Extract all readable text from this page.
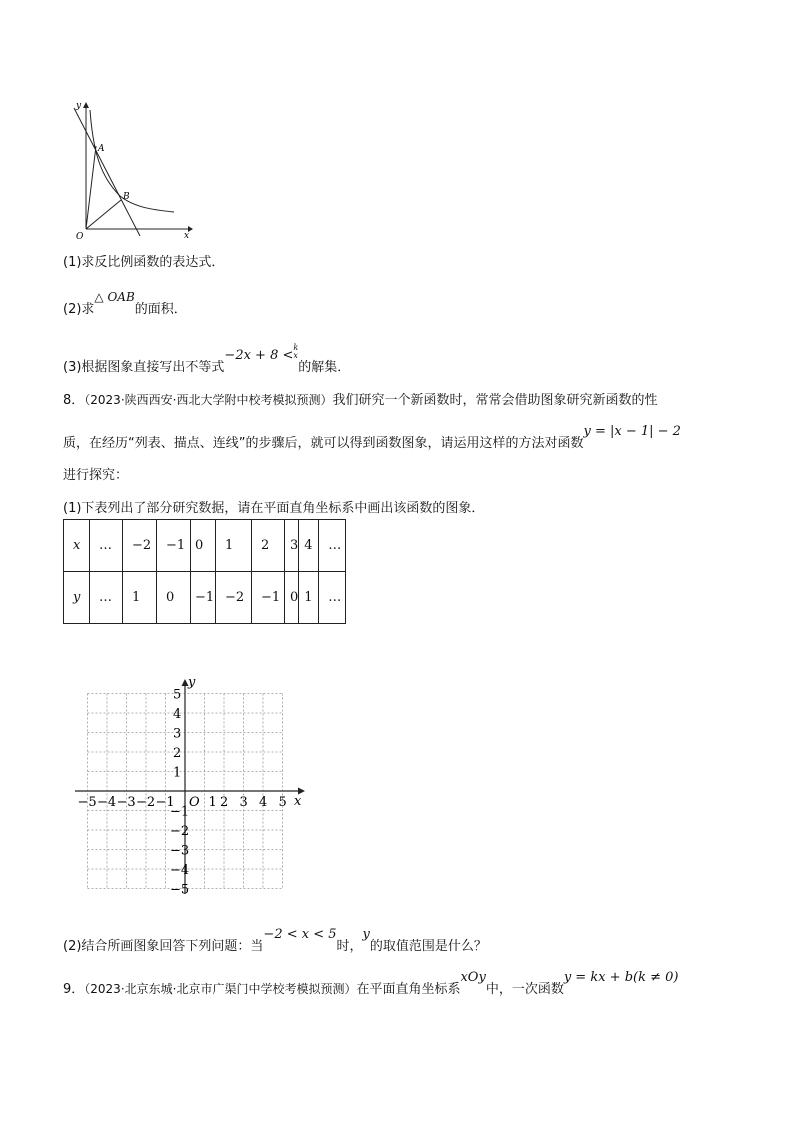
y
x
O
A
B
(1)求反比例函数的表达式．
(2)求△ OAB的面积．
(3)根据图象直接写出不等式−2x + 8 <k
x的解集．
8．（2023·陕西西安·西北大学附中校考模拟预测）我们研究一个新函数时，常常会借助图象研究新函数的性
质，在经历“列表、描点、连线”的步骤后，就可以得到函数图象，请运用这样的方法对函数y = |x − 1| − 2
进行探究：
(1)下表列出了部分研究数据，请在平面直角坐标系中画出该函数的图象．
x	…	−2	−1	0	1	2	3	4	…
y	…	1	0	−1	−2	−1	0	1	…
x
y
O
−5 −4 −3 −2 −1	1 2 3 4 5
5
4
3
2
1
−1
−2
−3
−4
−5
(2)结合所画图象回答下列问题：当−2 < x < 5时，y的取值范围是什么？
9．（2023·北京东城·北京市广渠门中学校考模拟预测）在平面直角坐标系xOy中，一次函数y = kx + b(k ≠ 0)
